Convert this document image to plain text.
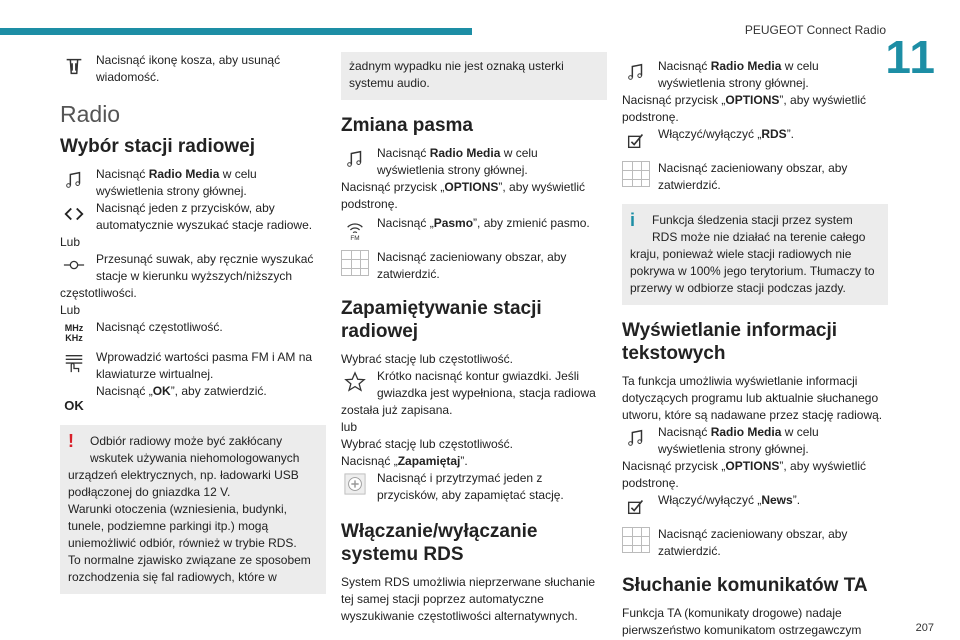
PEUGEOT Connect Radio
11
207
Nacisnąć ikonę kosza, aby usunąć wiadomość.
Radio
Wybór stacji radiowej
Nacisnąć Radio Media w celu wyświetlenia strony głównej.
Nacisnąć jeden z przycisków, aby automatycznie wyszukać stacje radiowe.
Lub
Przesunąć suwak, aby ręcznie wyszukać stacje w kierunku wyższych/niższych
częstotliwości.
Lub
MHz
KHz
Nacisnąć częstotliwość.
Wprowadzić wartości pasma FM i AM na klawiaturze wirtualnej.
OK
Nacisnąć „OK”, aby zatwierdzić.
! Odbiór radiowy może być zakłócany wskutek używania niehomologowanych
urządzeń elektrycznych, np. ładowarki USB podłączonej do gniazdka 12 V.
Warunki otoczenia (wzniesienia, budynki, tunele, podziemne parkingi itp.) mogą uniemożliwić odbiór, również w trybie RDS.
To normalne zjawisko związane ze sposobem rozchodzenia się fal radiowych, które w
żadnym wypadku nie jest oznaką usterki systemu audio.
Zmiana pasma
Nacisnąć Radio Media w celu wyświetlenia strony głównej.
Nacisnąć przycisk „OPTIONS”, aby wyświetlić podstronę.
FM
Nacisnąć „Pasmo”, aby zmienić pasmo.
Nacisnąć zacieniowany obszar, aby zatwierdzić.
Zapamiętywanie stacji radiowej
Wybrać stację lub częstotliwość.
Krótko nacisnąć kontur gwiazdki. Jeśli gwiazdka jest wypełniona, stacja radiowa
została już zapisana.
lub
Wybrać stację lub częstotliwość.
Nacisnąć „Zapamiętaj”.
Nacisnąć i przytrzymać jeden z przycisków, aby zapamiętać stację.
Włączanie/wyłączanie systemu RDS
System RDS umożliwia nieprzerwane słuchanie tej samej stacji poprzez automatyczne wyszukiwanie częstotliwości alternatywnych.
Nacisnąć Radio Media w celu wyświetlenia strony głównej.
Nacisnąć przycisk „OPTIONS”, aby wyświetlić podstronę.
Włączyć/wyłączyć „RDS”.
Nacisnąć zacieniowany obszar, aby zatwierdzić.
i Funkcja śledzenia stacji przez system RDS może nie działać na terenie całego
kraju, ponieważ wiele stacji radiowych nie pokrywa w 100% jego terytorium. Tłumaczy to przerwy w odbiorze stacji podczas jazdy.
Wyświetlanie informacji tekstowych
Ta funkcja umożliwia wyświetlanie informacji dotyczących programu lub aktualnie słuchanego utworu, które są nadawane przez stację radiową.
Nacisnąć Radio Media w celu wyświetlenia strony głównej.
Nacisnąć przycisk „OPTIONS”, aby wyświetlić podstronę.
Włączyć/wyłączyć „News”.
Nacisnąć zacieniowany obszar, aby zatwierdzić.
Słuchanie komunikatów TA
Funkcja TA (komunikaty drogowe) nadaje pierwszeństwo komunikatom ostrzegawczym
